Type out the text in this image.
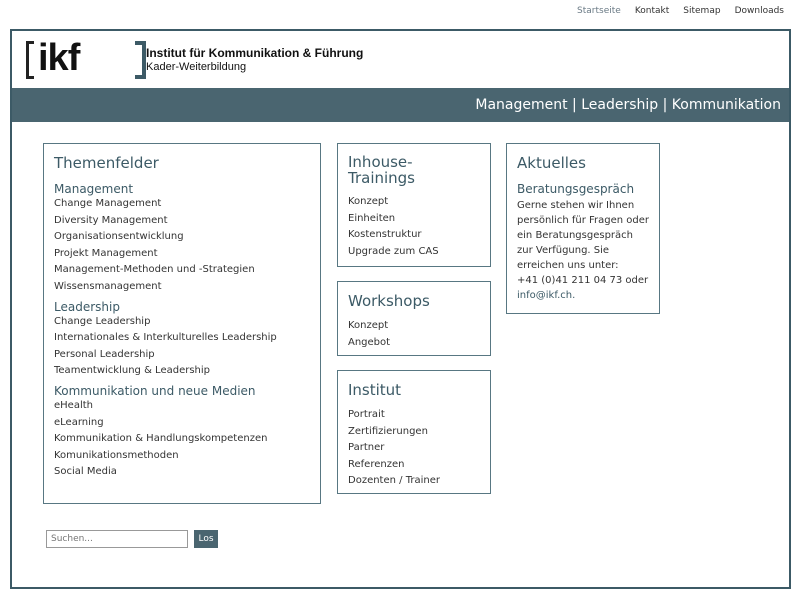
Startseite Kontakt Sitemap Downloads
ikf	Institut für Kommunikation & Führung
Kader-Weiterbildung
Management | Leadership | Kommunikation
Themenfelder
Management
Change Management
Diversity Management
Organisationsentwicklung
Projekt Management
Management-Methoden und -Strategien
Wissensmanagement
Leadership
Change Leadership
Internationales & Interkulturelles Leadership
Personal Leadership
Teamentwicklung & Leadership
Kommunikation und neue Medien
eHealth
eLearning
Kommunikation & Handlungskompetenzen
Komunikationsmethoden
Social Media
Inhouse-
Trainings
Konzept
Einheiten
Kostenstruktur
Upgrade zum CAS
Workshops
Konzept
Angebot
Institut
Portrait
Zertifizierungen
Partner
Referenzen
Dozenten / Trainer
Aktuelles
Beratungsgespräch
Gerne stehen wir Ihnen persönlich für Fragen oder ein Beratungsgespräch zur Verfügung. Sie erreichen uns unter:
+41 (0)41 211 04 73 oder
info@ikf.ch.
Suchen...
Los
